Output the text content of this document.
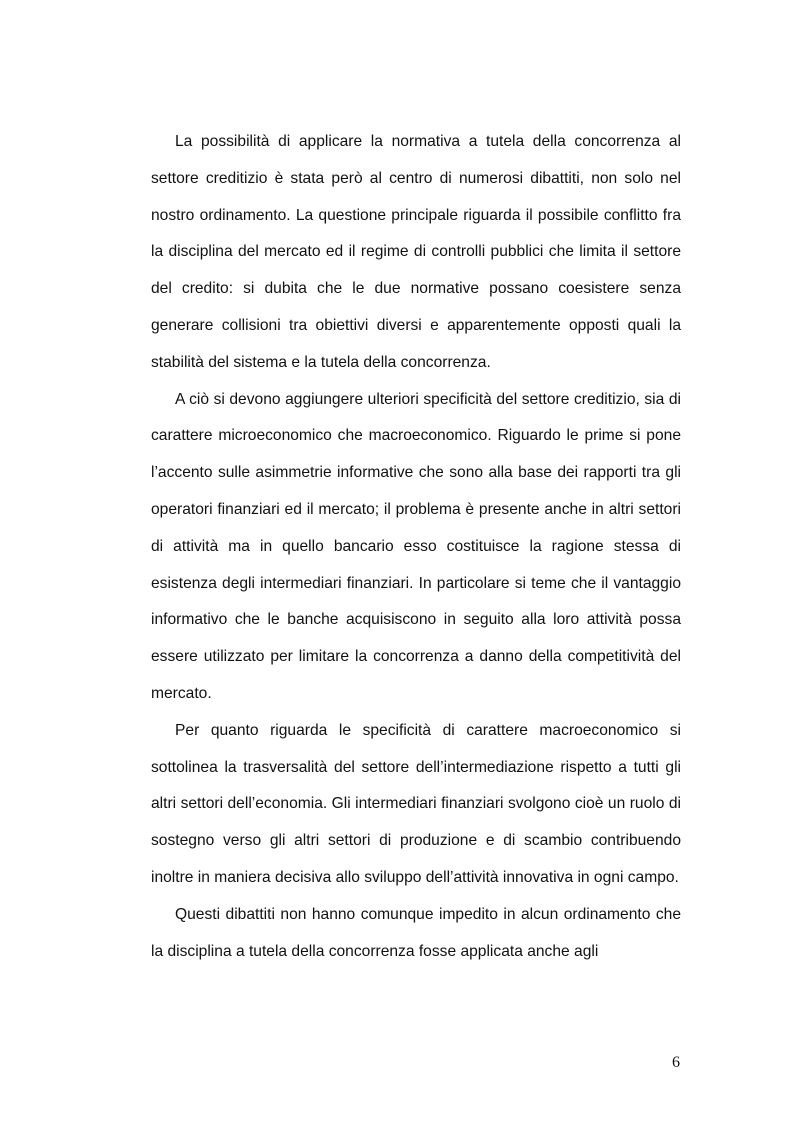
La possibilità di applicare la normativa a tutela della concorrenza al settore creditizio è stata però al centro di numerosi dibattiti, non solo nel nostro ordinamento. La questione principale riguarda il possibile conflitto fra la disciplina del mercato ed il regime di controlli pubblici che limita il settore del credito: si dubita che le due normative possano coesistere senza generare collisioni tra obiettivi diversi e apparentemente opposti quali la stabilità del sistema e la tutela della concorrenza.

A ciò si devono aggiungere ulteriori specificità del settore creditizio, sia di carattere microeconomico che macroeconomico. Riguardo le prime si pone l’accento sulle asimmetrie informative che sono alla base dei rapporti tra gli operatori finanziari ed il mercato; il problema è presente anche in altri settori di attività ma in quello bancario esso costituisce la ragione stessa di esistenza degli intermediari finanziari. In particolare si teme che il vantaggio informativo che le banche acquisiscono in seguito alla loro attività possa essere utilizzato per limitare la concorrenza a danno della competitività del mercato.

Per quanto riguarda le specificità di carattere macroeconomico si sottolinea la trasversalità del settore dell’intermediazione rispetto a tutti gli altri settori dell’economia. Gli intermediari finanziari svolgono cioè un ruolo di sostegno verso gli altri settori di produzione e di scambio contribuendo inoltre in maniera decisiva allo sviluppo dell’attività innovativa in ogni campo.

Questi dibattiti non hanno comunque impedito in alcun ordinamento che la disciplina a tutela della concorrenza fosse applicata anche agli

6
